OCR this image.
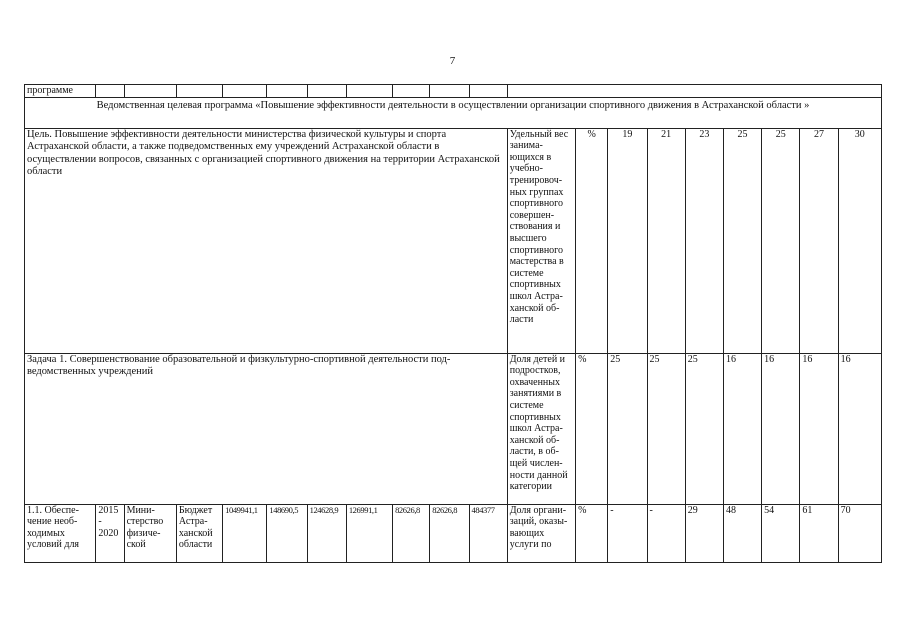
7
программе																			
Ведомственная целевая программа «Повышение эффективности деятельности в осуществлении организации спортивного движения в Астраханской области »																			
Цель. Повышение эффективности деятельности министерства физической культуры и спорта Астраханской области, а также подведомственных ему учреждений Астраханской области в осуществлении вопросов, связанных с организацией спортивного движения на территории Астраханской области											Удельный вес занима-ющихся в учебно-тренировоч-ных группах спортивного совершен-ствования и высшего спортивного мастерства в системе спортивных школ Астра-ханской об-ласти	%	19	21	23	25	25	27	30
Задача 1. Совершенствование образовательной и физкультурно-спортивной деятельности под-ведомственных учреждений											Доля детей и подростков, охваченных занятиями в системе спортивных школ Астра-ханской об-ласти, в об-щей числен-ности данной категории	%	25	25	25	16	16	16	16
1.1. Обеспе-чение необ-ходимых условий для	2015 - 2020	Мини-стерство физиче-ской	Бюджет Астра-ханской области	1049941,1	148690,5	124628,9	126991,1	82626,8	82626,8	484377	Доля органи-заций, оказы-вающих услуги по	%	-	-	29	48	54	61	70
